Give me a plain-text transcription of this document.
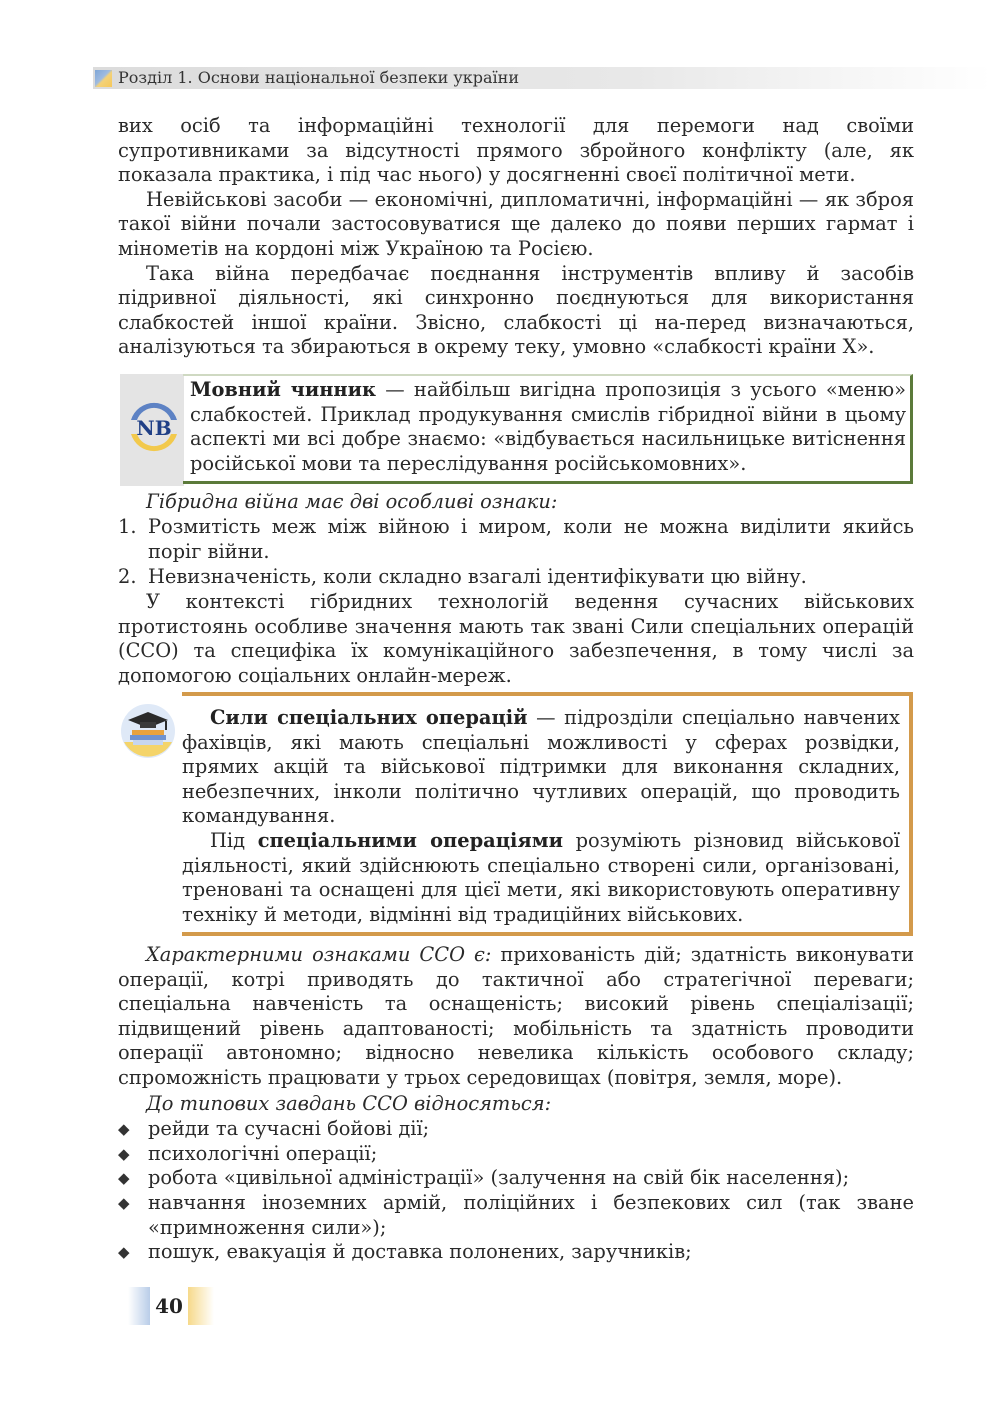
Розділ 1. Основи національної безпеки україни

вих осіб та інформаційні технології для перемоги над своїми супротивниками за відсутності прямого збройного конфлікту (але, як показала практика, і під час нього) у досягненні своєї політичної мети.

Невійськові засоби — економічні, дипломатичні, інформаційні — як зброя такої війни почали застосовуватися ще далеко до появи перших гармат і мінометів на кордоні між Україною та Росією.

Така війна передбачає поєднання інструментів впливу й засобів підривної діяльності, які синхронно поєднуються для використання слабкостей іншої країни. Звісно, слабкості ці на-перед визначаються, аналізуються та збираються в окрему теку, умовно «слабкості країни Х».

NB

Мовний чинник — найбільш вигідна пропозиція з усього «меню» слабкостей. Приклад продукування смислів гібридної війни в цьому аспекті ми всі добре знаємо: «відбувається насильницьке витіснення російської мови та переслідування російськомовних».

Гібридна війна має дві особливі ознаки:
1. Розмитість меж між війною і миром, коли не можна виділити якийсь поріг війни.
2. Невизначеність, коли складно взагалі ідентифікувати цю війну.

У контексті гібридних технологій ведення сучасних військових протистоянь особливе значення мають так звані Сили спеціальних операцій (ССО) та специфіка їх комунікаційного забезпечення, в тому числі за допомогою соціальних онлайн-мереж.

Сили спеціальних операцій — підрозділи спеціально навчених фахівців, які мають спеціальні можливості у сферах розвідки, прямих акцій та військової підтримки для виконання складних, небезпечних, інколи політично чутливих операцій, що проводить командування.

Під спеціальними операціями розуміють різновид військової діяльності, який здійснюють спеціально створені сили, організовані, треновані та оснащені для цієї мети, які використовують оперативну техніку й методи, відмінні від традиційних військових.

Характерними ознаками ССО є: прихованість дій; здатність виконувати операції, котрі приводять до тактичної або стратегічної переваги; спеціальна навченість та оснащеність; високий рівень спеціалізації; підвищений рівень адаптованості; мобільність та здатність проводити операції автономно; відносно невелика кількість особового складу; спроможність працювати у трьох середовищах (повітря, земля, море).

До типових завдань ССО відносяться:
◆ рейди та сучасні бойові дії;
◆ психологічні операції;
◆ робота «цивільної адміністрації» (залучення на свій бік населення);
◆ навчання іноземних армій, поліційних і безпекових сил (так зване «примноження сили»);
◆ пошук, евакуація й доставка полонених, заручників;
40
